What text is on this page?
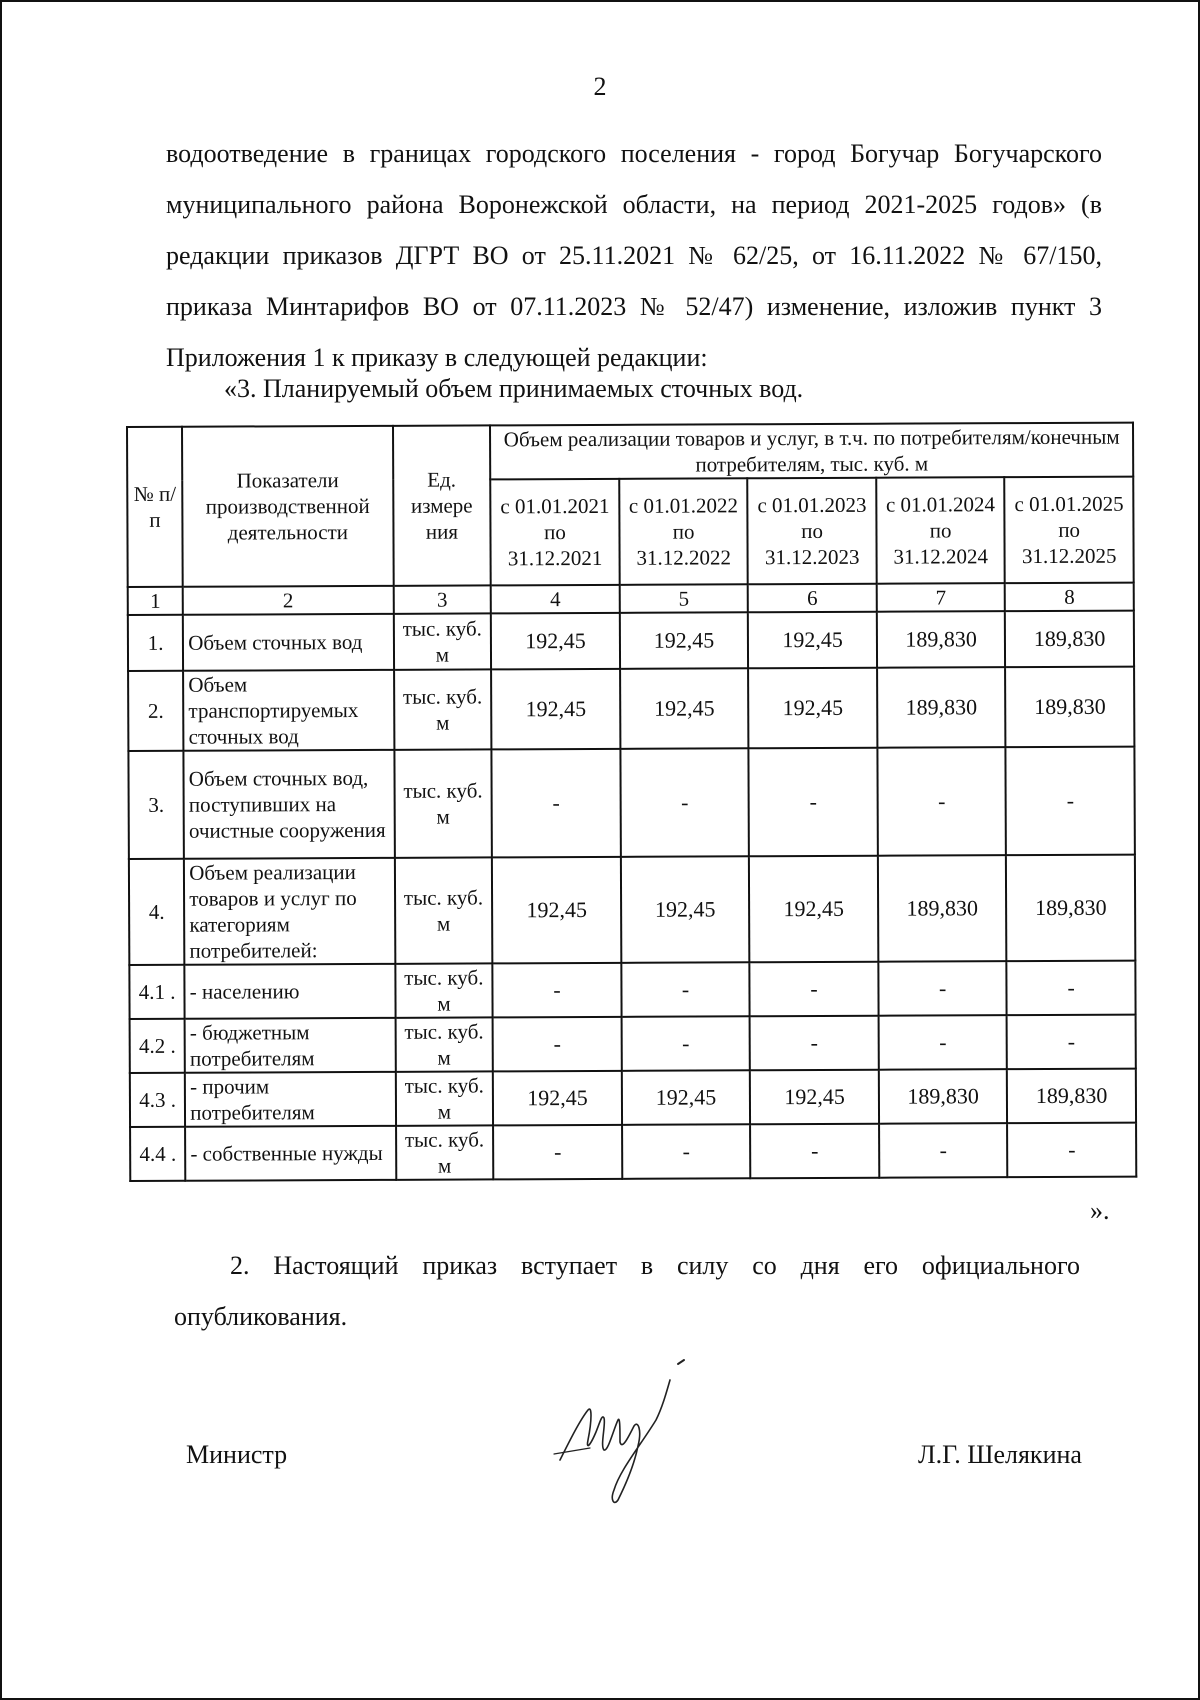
2

водоотведение в границах городского поселения - город Богучар Богучарского муниципального района Воронежской области, на период 2021-2025 годов» (в редакции приказов ДГРТ ВО от 25.11.2021 № 62/25, от 16.11.2022 № 67/150, приказа Минтарифов ВО от 07.11.2023 № 52/47) изменение, изложив пункт 3 Приложения 1 к приказу в следующей редакции:

«3. Планируемый объем принимаемых сточных вод.

№ п/п	Показатели производственной деятельности	Ед. измере ния	Объем реализации товаров и услуг, в т.ч. по потребителям/конечным потребителям, тыс. куб. м				
			с 01.01.2021 по 31.12.2021	с 01.01.2022 по 31.12.2022	с 01.01.2023 по 31.12.2023	с 01.01.2024 по 31.12.2024	с 01.01.2025 по 31.12.2025
1	2	3	4	5	6	7	8
1.	Объем сточных вод	тыс. куб. м	192,45	192,45	192,45	189,830	189,830
2.	Объем транспортируемых сточных вод	тыс. куб. м	192,45	192,45	192,45	189,830	189,830
3.	Объем сточных вод, поступивших на очистные сооружения	тыс. куб. м	-	-	-	-	-
4.	Объем реализации товаров и услуг по категориям потребителей:	тыс. куб. м	192,45	192,45	192,45	189,830	189,830
4.1 .	- населению	тыс. куб. м	-	-	-	-	-
4.2 .	- бюджетным потребителям	тыс. куб. м	-	-	-	-	-
4.3 .	- прочим потребителям	тыс. куб. м	192,45	192,45	192,45	189,830	189,830
4.4 .	- собственные нужды	тыс. куб. м	-	-	-	-	-
».

2. Настоящий приказ вступает в силу со дня его официального опубликования.

Министр	Л.Г. Шелякина
